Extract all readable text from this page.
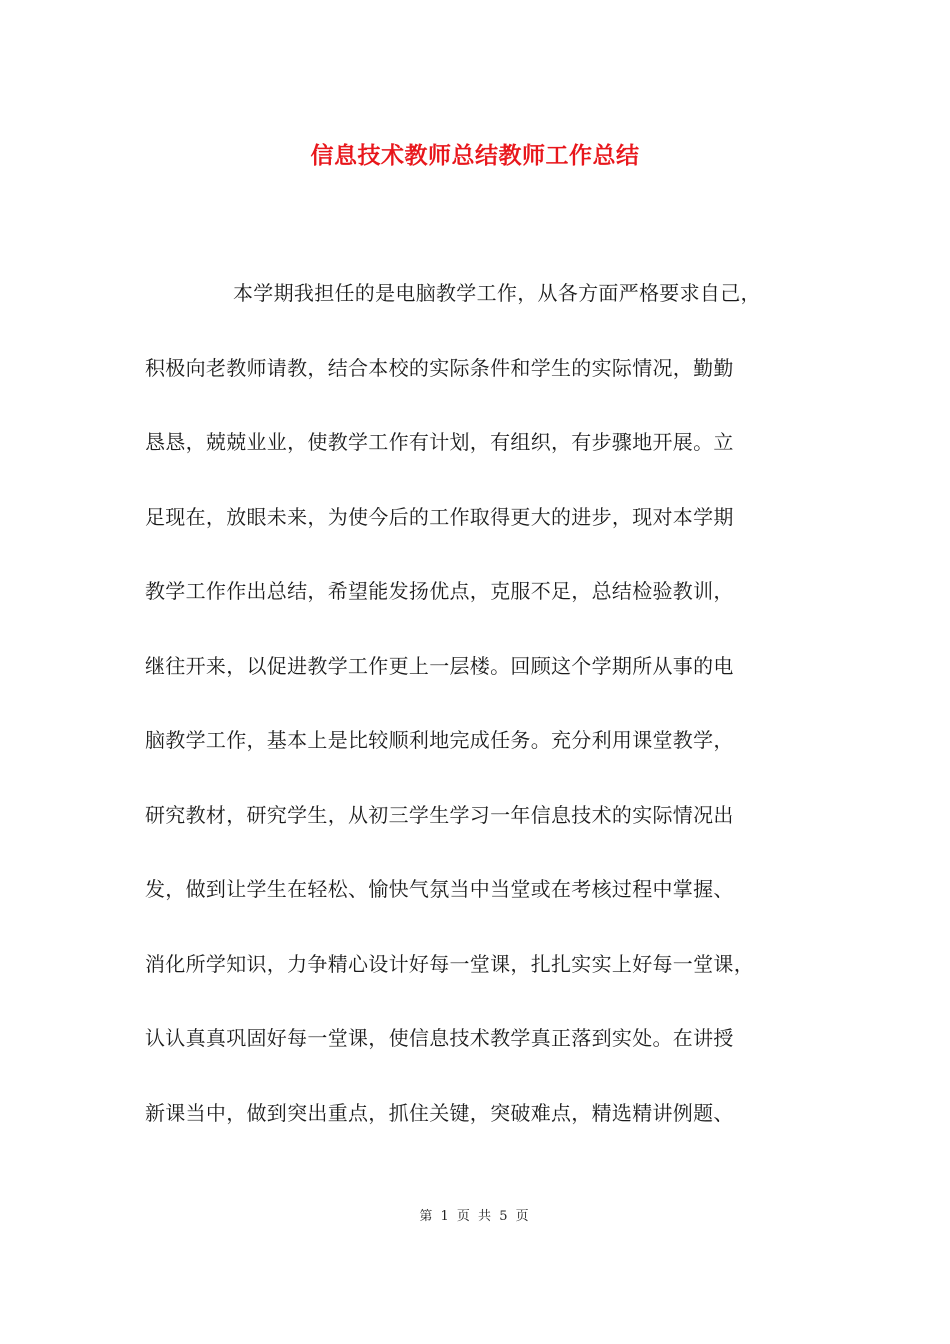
信息技术教师总结教师工作总结
本学期我担任的是电脑教学工作，从各方面严格要求自己，
积极向老教师请教，结合本校的实际条件和学生的实际情况，勤勤
恳恳，兢兢业业，使教学工作有计划，有组织，有步骤地开展。立
足现在，放眼未来，为使今后的工作取得更大的进步，现对本学期
教学工作作出总结，希望能发扬优点，克服不足，总结检验教训，
继往开来，以促进教学工作更上一层楼。回顾这个学期所从事的电
脑教学工作，基本上是比较顺利地完成任务。充分利用课堂教学，
研究教材，研究学生，从初三学生学习一年信息技术的实际情况出
发，做到让学生在轻松、愉快气氛当中当堂或在考核过程中掌握、
消化所学知识，力争精心设计好每一堂课，扎扎实实上好每一堂课，
认认真真巩固好每一堂课，使信息技术教学真正落到实处。在讲授
新课当中，做到突出重点，抓住关键，突破难点，精选精讲例题、
第 1 页 共 5 页
